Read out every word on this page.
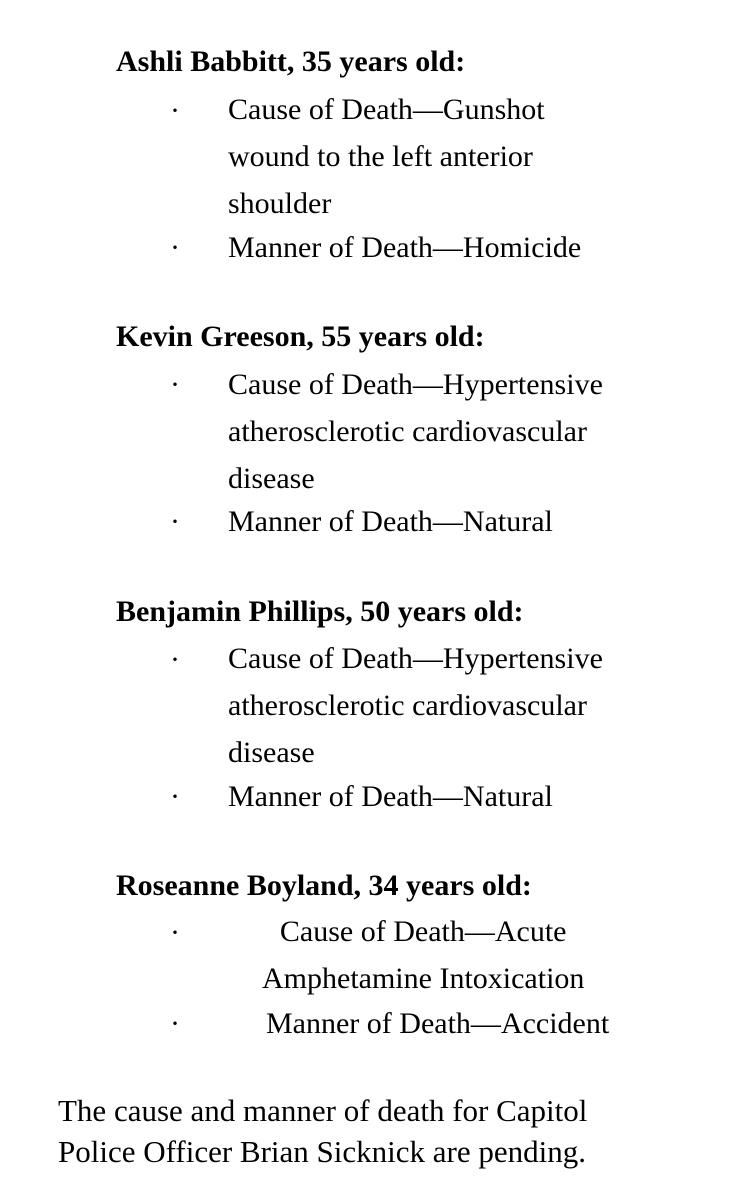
Ashli Babbitt, 35 years old:
· Cause of Death—Gunshot
wound to the left anterior
shoulder
· Manner of Death—Homicide
Kevin Greeson, 55 years old:
· Cause of Death—Hypertensive
atherosclerotic cardiovascular
disease
· Manner of Death—Natural
Benjamin Phillips, 50 years old:
· Cause of Death—Hypertensive
atherosclerotic cardiovascular
disease
· Manner of Death—Natural
Roseanne Boyland, 34 years old:
·	Cause of Death—Acute
Amphetamine Intoxication
·	Manner of Death—Accident
The cause and manner of death for Capitol
Police Officer Brian Sicknick are pending.
